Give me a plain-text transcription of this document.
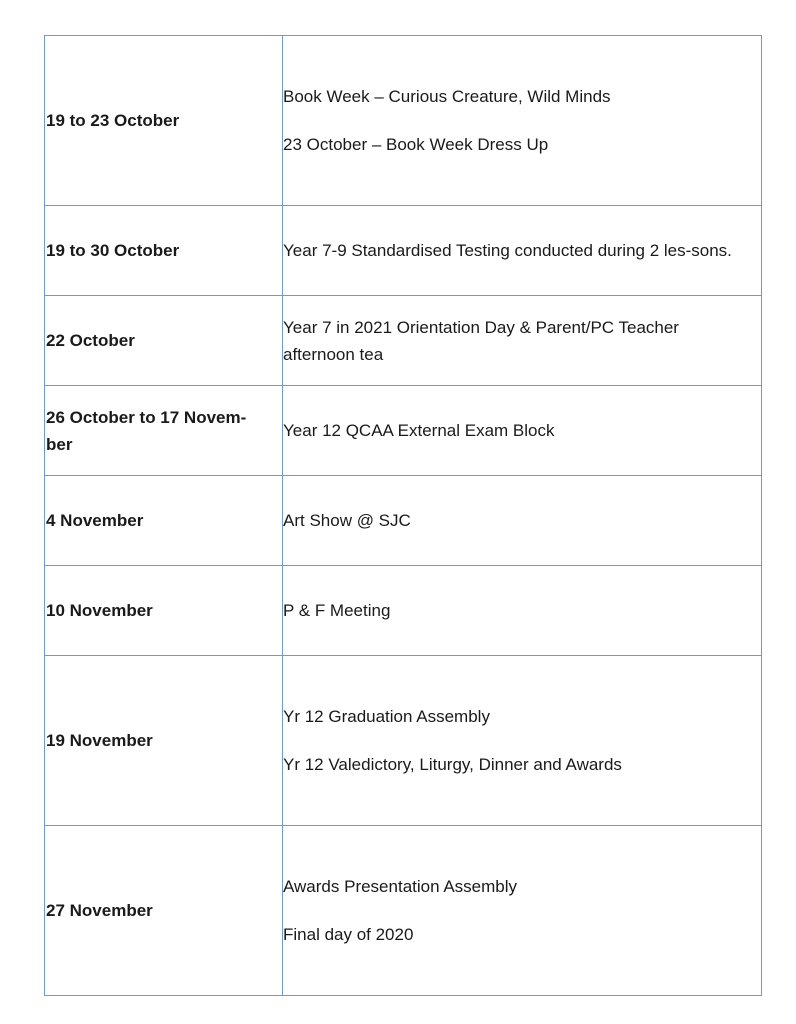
19 to 23 October	Book Week – Curious Creature, Wild Minds
23 October – Book Week Dress Up

19 to 30 October	Year 7-9 Standardised Testing conducted during 2 les-sons.

22 October	Year 7 in 2021 Orientation Day & Parent/PC Teacher afternoon tea

26 October to 17 Novem-ber	Year 12 QCAA External Exam Block

4 November	Art Show @ SJC

10 November	P & F Meeting

19 November	Yr 12 Graduation Assembly
Yr 12 Valedictory, Liturgy, Dinner and Awards

27 November	Awards Presentation Assembly
Final day of 2020
